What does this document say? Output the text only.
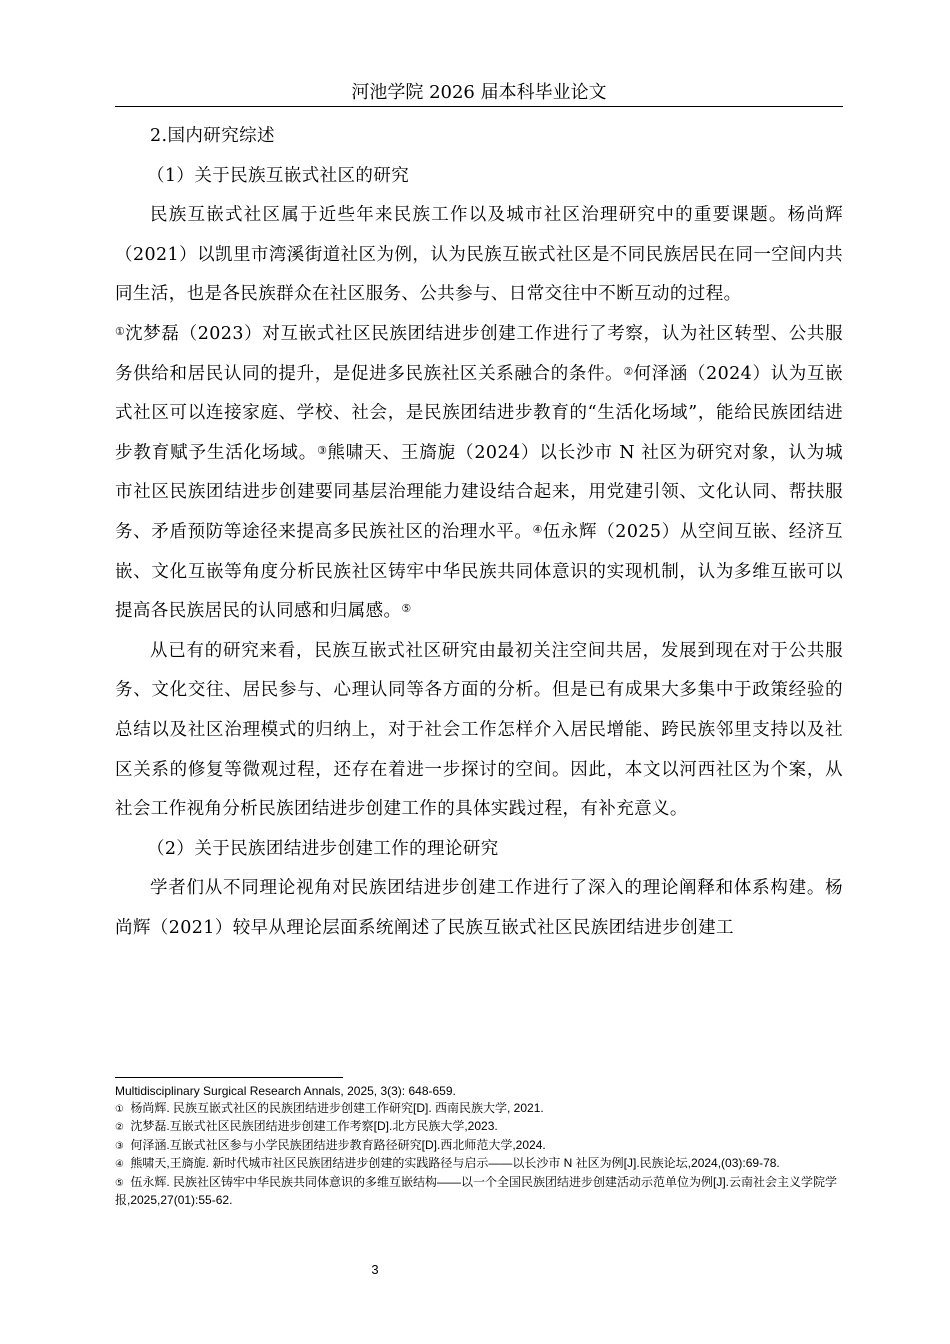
河池学院 2026 届本科毕业论文

2.国内研究综述

（1）关于民族互嵌式社区的研究

民族互嵌式社区属于近些年来民族工作以及城市社区治理研究中的重要课题。杨尚辉（2021）以凯里市湾溪街道社区为例，认为民族互嵌式社区是不同民族居民在同一空间内共同生活，也是各民族群众在社区服务、公共参与、日常交往中不断互动的过程。

①沈梦磊（2023）对互嵌式社区民族团结进步创建工作进行了考察，认为社区转型、公共服务供给和居民认同的提升，是促进多民族社区关系融合的条件。②何泽涵（2024）认为互嵌式社区可以连接家庭、学校、社会，是民族团结进步教育的“生活化场域”，能给民族团结进步教育赋予生活化场域。③熊啸天、王旖旎（2024）以长沙市 N 社区为研究对象，认为城市社区民族团结进步创建要同基层治理能力建设结合起来，用党建引领、文化认同、帮扶服务、矛盾预防等途径来提高多民族社区的治理水平。④伍永辉（2025）从空间互嵌、经济互嵌、文化互嵌等角度分析民族社区铸牢中华民族共同体意识的实现机制，认为多维互嵌可以提高各民族居民的认同感和归属感。⑤

从已有的研究来看，民族互嵌式社区研究由最初关注空间共居，发展到现在对于公共服务、文化交往、居民参与、心理认同等各方面的分析。但是已有成果大多集中于政策经验的总结以及社区治理模式的归纳上，对于社会工作怎样介入居民增能、跨民族邻里支持以及社区关系的修复等微观过程，还存在着进一步探讨的空间。因此，本文以河西社区为个案，从社会工作视角分析民族团结进步创建工作的具体实践过程，有补充意义。

（2）关于民族团结进步创建工作的理论研究

学者们从不同理论视角对民族团结进步创建工作进行了深入的理论阐释和体系构建。杨尚辉（2021）较早从理论层面系统阐述了民族互嵌式社区民族团结进步创建工

Multidisciplinary Surgical Research Annals, 2025, 3(3): 648-659.
① 杨尚辉. 民族互嵌式社区的民族团结进步创建工作研究[D]. 西南民族大学, 2021.
② 沈梦磊.互嵌式社区民族团结进步创建工作考察[D].北方民族大学,2023.
③ 何泽涵.互嵌式社区参与小学民族团结进步教育路径研究[D].西北师范大学,2024.
④ 熊啸天,王旖旎. 新时代城市社区民族团结进步创建的实践路径与启示——以长沙市 N 社区为例[J].民族论坛,2024,(03):69-78.
⑤ 伍永辉. 民族社区铸牢中华民族共同体意识的多维互嵌结构——以一个全国民族团结进步创建活动示范单位为例[J].云南社会主义学院学报,2025,27(01):55-62.
3
